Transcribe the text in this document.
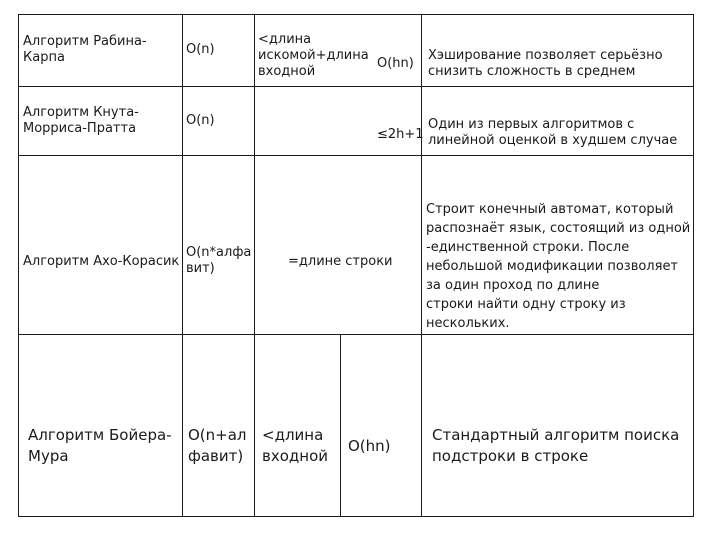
Алгоритм Рабина-
Карпа
O(n)

<длина
искомой+длина
входной

O(hn)

Хэширование позволяет серьёзно
снизить сложность в среднем

Алгоритм Кнута-
Морриса-Пратта
O(n)

≤2h+1

Один из первых алгоритмов с
линейной оценкой в худшем случае

Алгоритм Ахо-Корасик

O(n*алфа
вит)	=длине строки

Строит конечный автомат, который
распознаёт язык, состоящий из одной
-единственной строки. После
небольшой модификации позволяет
за один проход по длине
строки найти одну строку из
нескольких.

Алгоритм Бойера-
Мура

O(n+ал
фавит)

<длина
входной

O(hn)

Стандартный алгоритм поиска
подстроки в строке
